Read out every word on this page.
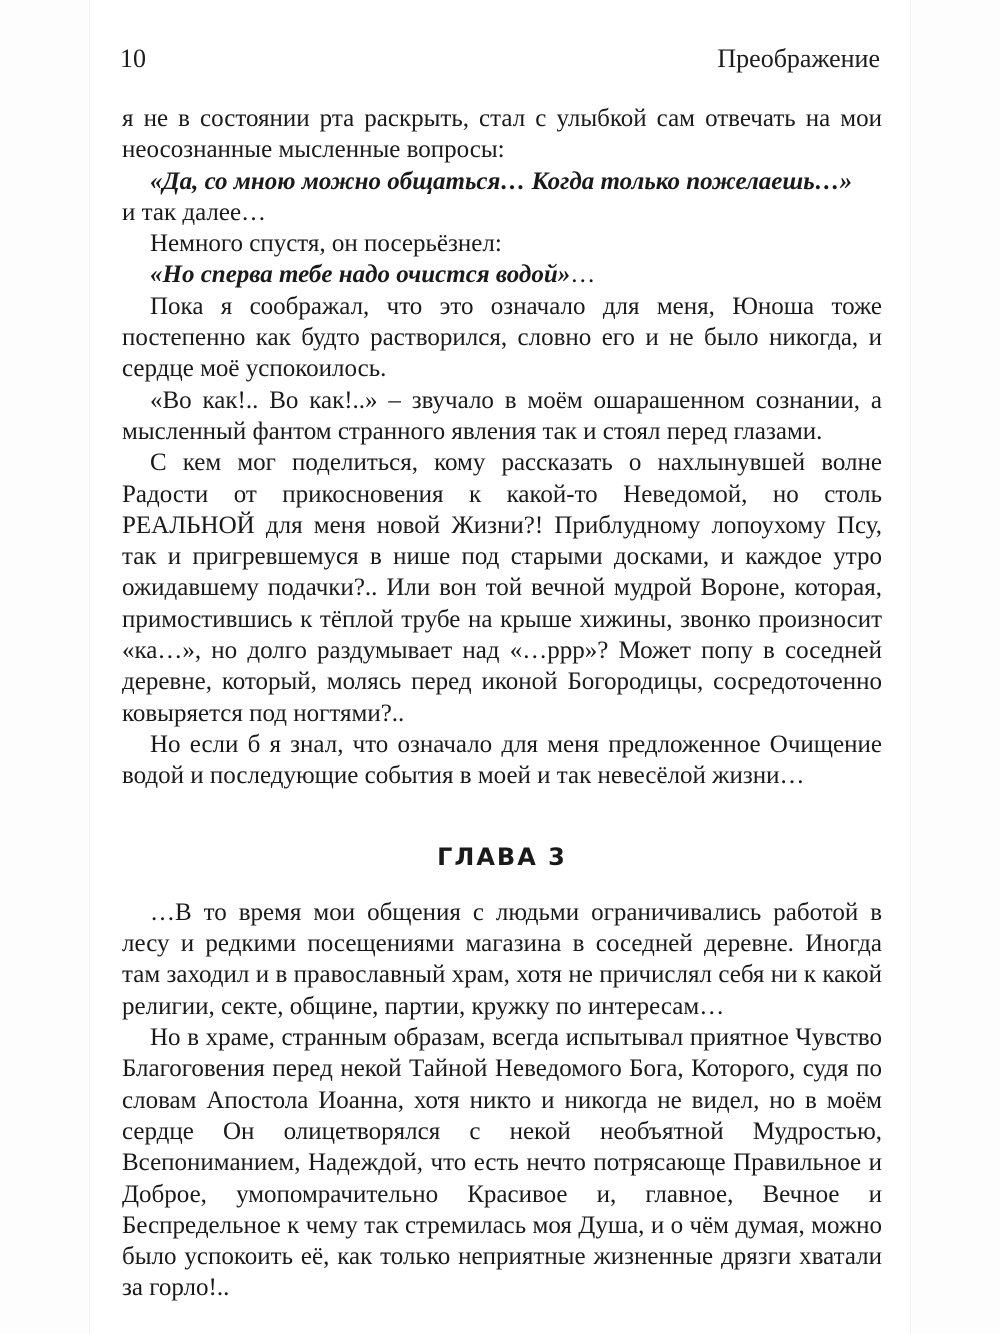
10	Преображение

я не в состоянии рта раскрыть, стал с улыбкой сам отвечать на мои неосознанные мысленные вопросы:

«Да, со мною можно общаться… Когда только пожелаешь…»

и так далее…

Немного спустя, он посерьёзнел:

«Но сперва тебе надо очистся водой»…

Пока я соображал, что это означало для меня, Юноша тоже постепенно как будто растворился, словно его и не было никогда, и сердце моё успокоилось.

«Во как!.. Во как!..» – звучало в моём ошарашенном сознании, а мысленный фантом странного явления так и стоял перед глазами.

С кем мог поделиться, кому рассказать о нахлынувшей волне Радости от прикосновения к какой-то Неведомой, но столь РЕАЛЬНОЙ для меня новой Жизни?! Приблудному лопоухому Псу, так и пригревшемуся в нише под старыми досками, и каждое утро ожидавшему подачки?.. Или вон той вечной мудрой Вороне, которая, примостившись к тёплой трубе на крыше хижины, звонко произносит «ка…», но долго раздумывает над «…ррр»? Может попу в соседней деревне, который, молясь перед иконой Богородицы, сосредоточенно ковыряется под ногтями?..

Но если б я знал, что означало для меня предложенное Очищение водой и последующие события в моей и так невесёлой жизни…

ГЛАВА 3

…В то время мои общения с людьми ограничивались работой в лесу и редкими посещениями магазина в соседней деревне. Иногда там заходил и в православный храм, хотя не причислял себя ни к какой религии, секте, общине, партии, кружку по интересам…

Но в храме, странным образам, всегда испытывал приятное Чувство Благоговения перед некой Тайной Неведомого Бога, Которого, судя по словам Апостола Иоанна, хотя никто и никогда не видел, но в моём сердце Он олицетворялся с некой необъятной Мудростью, Всепониманием, Надеждой, что есть нечто потрясающе Правильное и Доброе, умопомрачительно Красивое и, главное, Вечное и Беспредельное к чему так стремилась моя Душа, и о чём думая, можно было успокоить её, как только неприятные жизненные дрязги хватали за горло!..
